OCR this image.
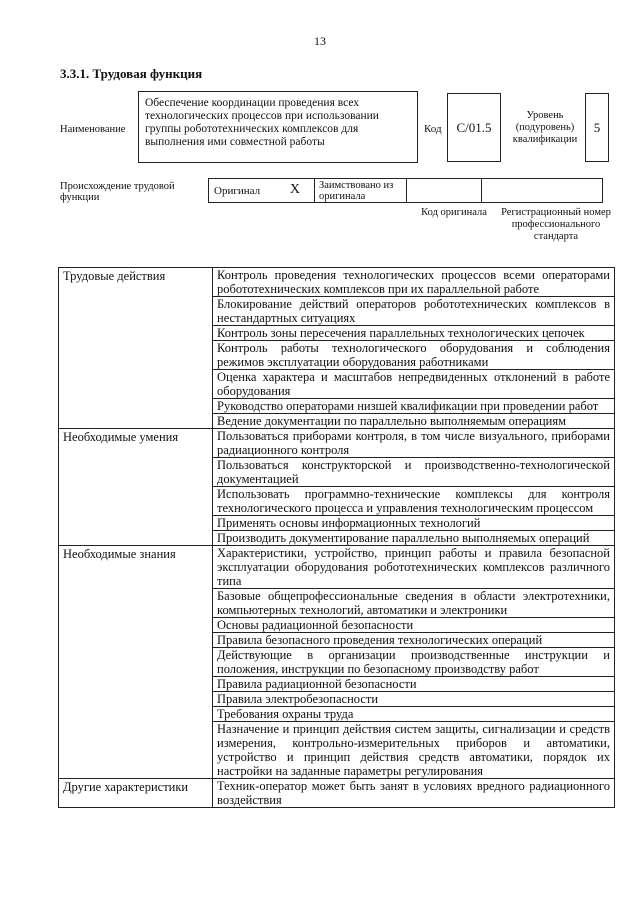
13
3.3.1. Трудовая функция
Наименование
Обеспечение координации проведения всех технологических процессов при использовании группы робототехнических комплексов для выполнения ими совместной работы
Код	C/01.5
Уровень (подуровень) квалификации
5
Происхождение трудовой функции
Оригинал X	Заимствовано из оригинала
Код оригинала	Регистрационный номер профессионального стандарта
Трудовые действия	Контроль проведения технологических процессов всеми операторами робототехнических комплексов при их параллельной работе
	Блокирование действий операторов робототехнических комплексов в нестандартных ситуациях
	Контроль зоны пересечения параллельных технологических цепочек
	Контроль работы технологического оборудования и соблюдения режимов эксплуатации оборудования работниками
	Оценка характера и масштабов непредвиденных отклонений в работе оборудования
	Руководство операторами низшей квалификации при проведении работ
	Ведение документации по параллельно выполняемым операциям
Необходимые умения	Пользоваться приборами контроля, в том числе визуального, приборами радиационного контроля
	Пользоваться конструкторской и производственно-технологической документацией
	Использовать программно-технические комплексы для контроля технологического процесса и управления технологическим процессом
	Применять основы информационных технологий
	Производить документирование параллельно выполняемых операций
Необходимые знания	Характеристики, устройство, принцип работы и правила безопасной эксплуатации оборудования робототехнических комплексов различного типа
	Базовые общепрофессиональные сведения в области электротехники, компьютерных технологий, автоматики и электроники
	Основы радиационной безопасности
	Правила безопасного проведения технологических операций
	Действующие в организации производственные инструкции и положения, инструкции по безопасному производству работ
	Правила радиационной безопасности
	Правила электробезопасности
	Требования охраны труда
	Назначение и принцип действия систем защиты, сигнализации и средств измерения, контрольно-измерительных приборов и автоматики, устройство и принцип действия средств автоматики, порядок их настройки на заданные параметры регулирования
Другие характеристики	Техник-оператор может быть занят в условиях вредного радиационного воздействия
